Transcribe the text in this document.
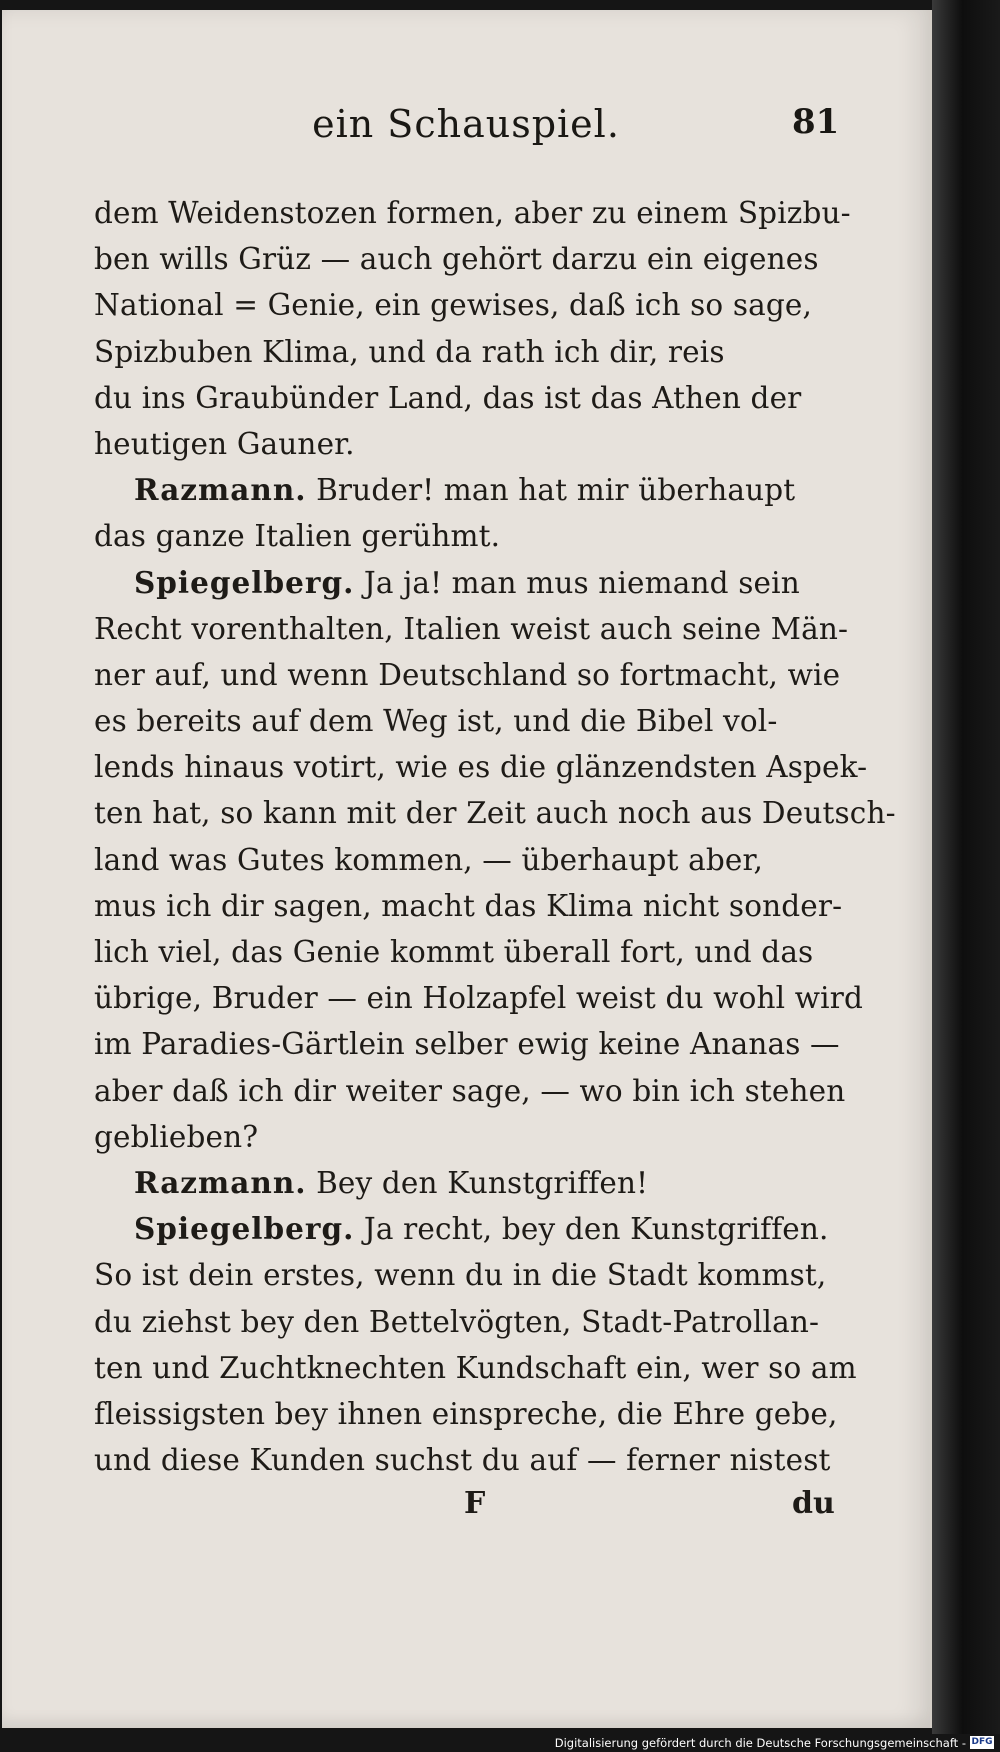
ein Schauspiel.	81
dem Weidenstozen formen, aber zu einem Spizbu-
ben wills Grüz — auch gehört darzu ein eigenes
National = Genie, ein gewises, daß ich so sage,
Spizbuben Klima, und da rath ich dir, reis
du ins Graubünder Land, das ist das Athen der
heutigen Gauner.
Razmann. Bruder! man hat mir überhaupt
das ganze Italien gerühmt.
Spiegelberg. Ja ja! man mus niemand sein
Recht vorenthalten, Italien weist auch seine Män-
ner auf, und wenn Deutschland so fortmacht, wie
es bereits auf dem Weg ist, und die Bibel vol-
lends hinaus votirt, wie es die glänzendsten Aspek-
ten hat, so kann mit der Zeit auch noch aus Deutsch-
land was Gutes kommen, — überhaupt aber,
mus ich dir sagen, macht das Klima nicht sonder-
lich viel, das Genie kommt überall fort, und das
übrige, Bruder — ein Holzapfel weist du wohl wird
im Paradies-Gärtlein selber ewig keine Ananas —
aber daß ich dir weiter sage, — wo bin ich stehen
geblieben?
Razmann. Bey den Kunstgriffen!
Spiegelberg. Ja recht, bey den Kunstgriffen.
So ist dein erstes, wenn du in die Stadt kommst,
du ziehst bey den Bettelvögten, Stadt-Patrollan-
ten und Zuchtknechten Kundschaft ein, wer so am
fleissigsten bey ihnen einspreche, die Ehre gebe,
und diese Kunden suchst du auf — ferner nistest
F	du
Digitalisierung gefördert durch die Deutsche Forschungsgemeinschaft - DFG
